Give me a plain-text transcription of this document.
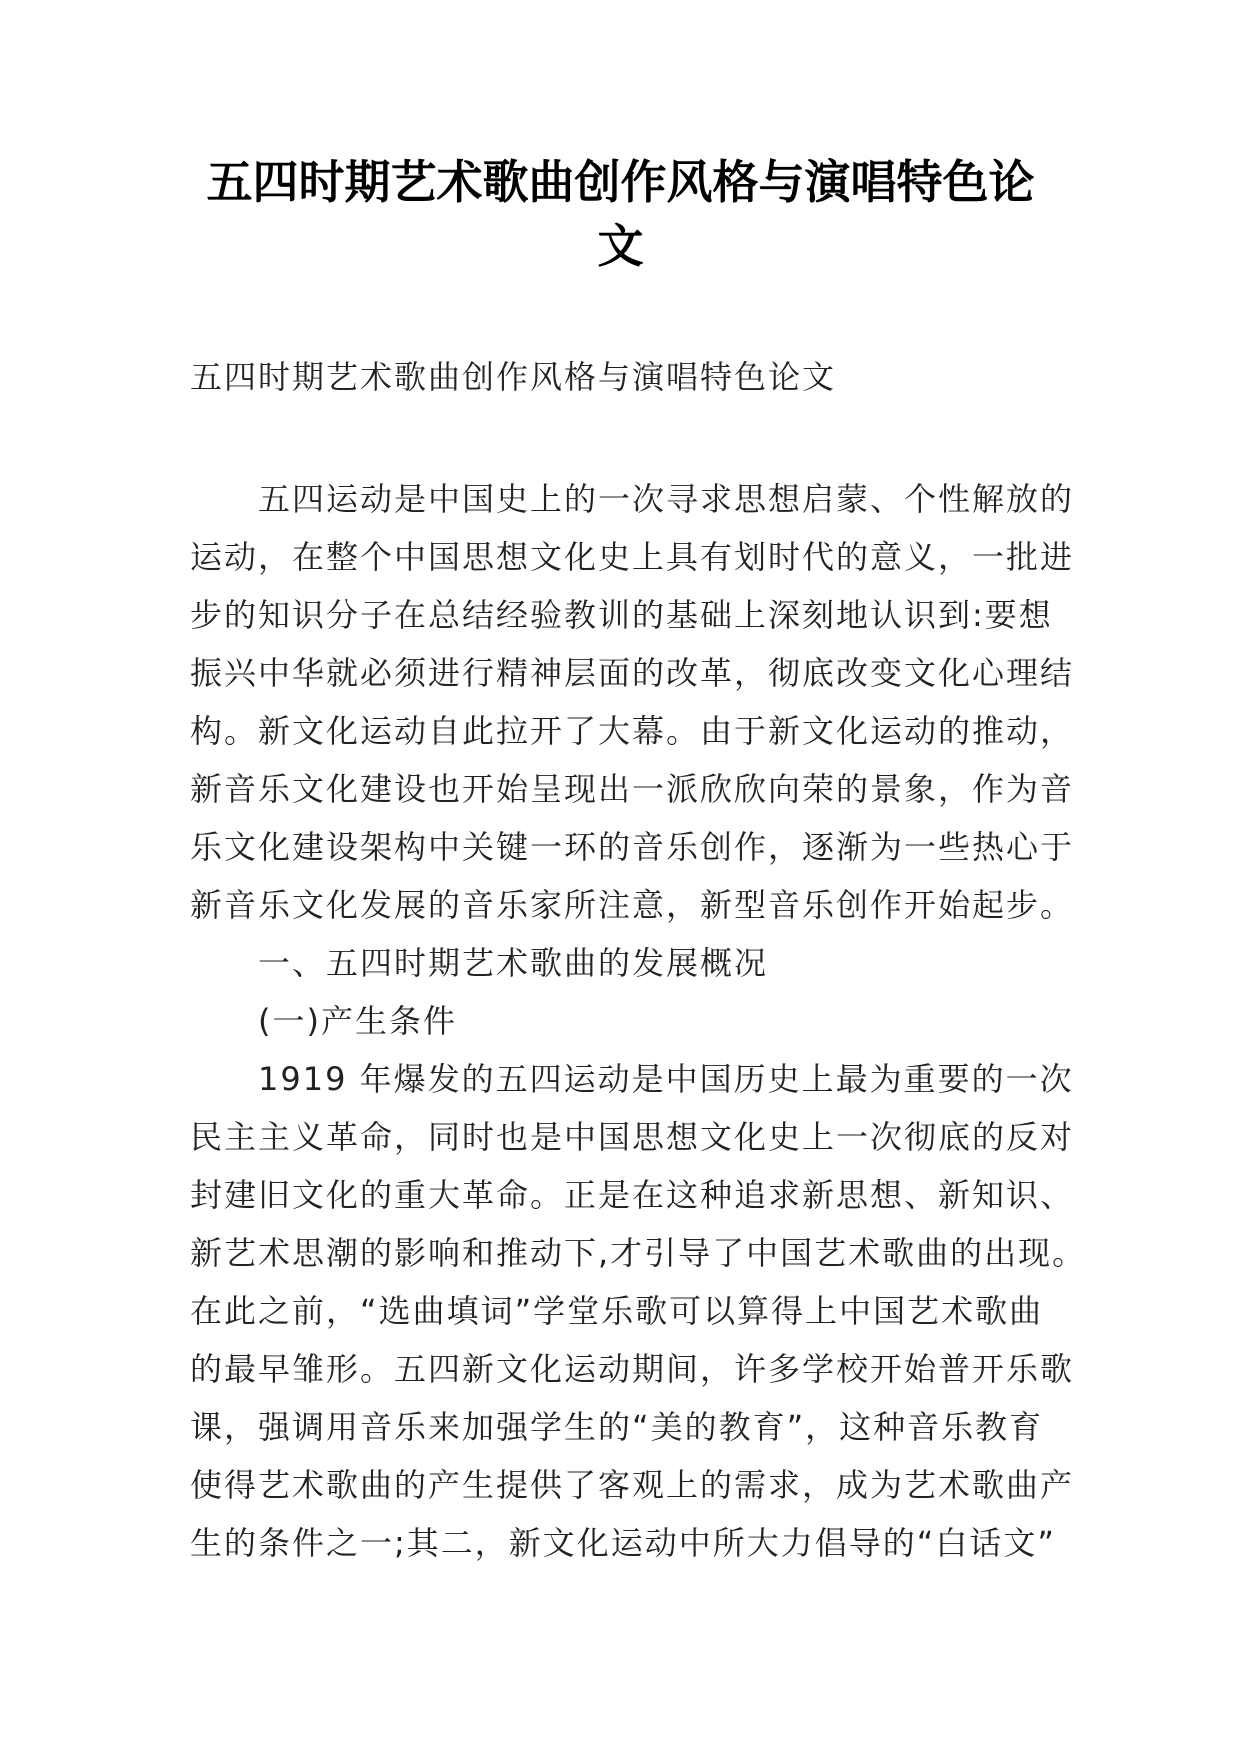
五四时期艺术歌曲创作风格与演唱特色论
文
五四时期艺术歌曲创作风格与演唱特色论文
五四运动是中国史上的一次寻求思想启蒙、个性解放的
运动，在整个中国思想文化史上具有划时代的意义，一批进
步的知识分子在总结经验教训的基础上深刻地认识到:要想
振兴中华就必须进行精神层面的改革，彻底改变文化心理结
构。新文化运动自此拉开了大幕。由于新文化运动的推动，
新音乐文化建设也开始呈现出一派欣欣向荣的景象，作为音
乐文化建设架构中关键一环的音乐创作，逐渐为一些热心于
新音乐文化发展的音乐家所注意，新型音乐创作开始起步。
一、五四时期艺术歌曲的发展概况
(一)产生条件
1919 年爆发的五四运动是中国历史上最为重要的一次
民主主义革命，同时也是中国思想文化史上一次彻底的反对
封建旧文化的重大革命。正是在这种追求新思想、新知识、
新艺术思潮的影响和推动下,才引导了中国艺术歌曲的出现。
在此之前，“选曲填词”学堂乐歌可以算得上中国艺术歌曲
的最早雏形。五四新文化运动期间，许多学校开始普开乐歌
课，强调用音乐来加强学生的“美的教育”，这种音乐教育
使得艺术歌曲的产生提供了客观上的需求，成为艺术歌曲产
生的条件之一;其二，新文化运动中所大力倡导的“白话文”
